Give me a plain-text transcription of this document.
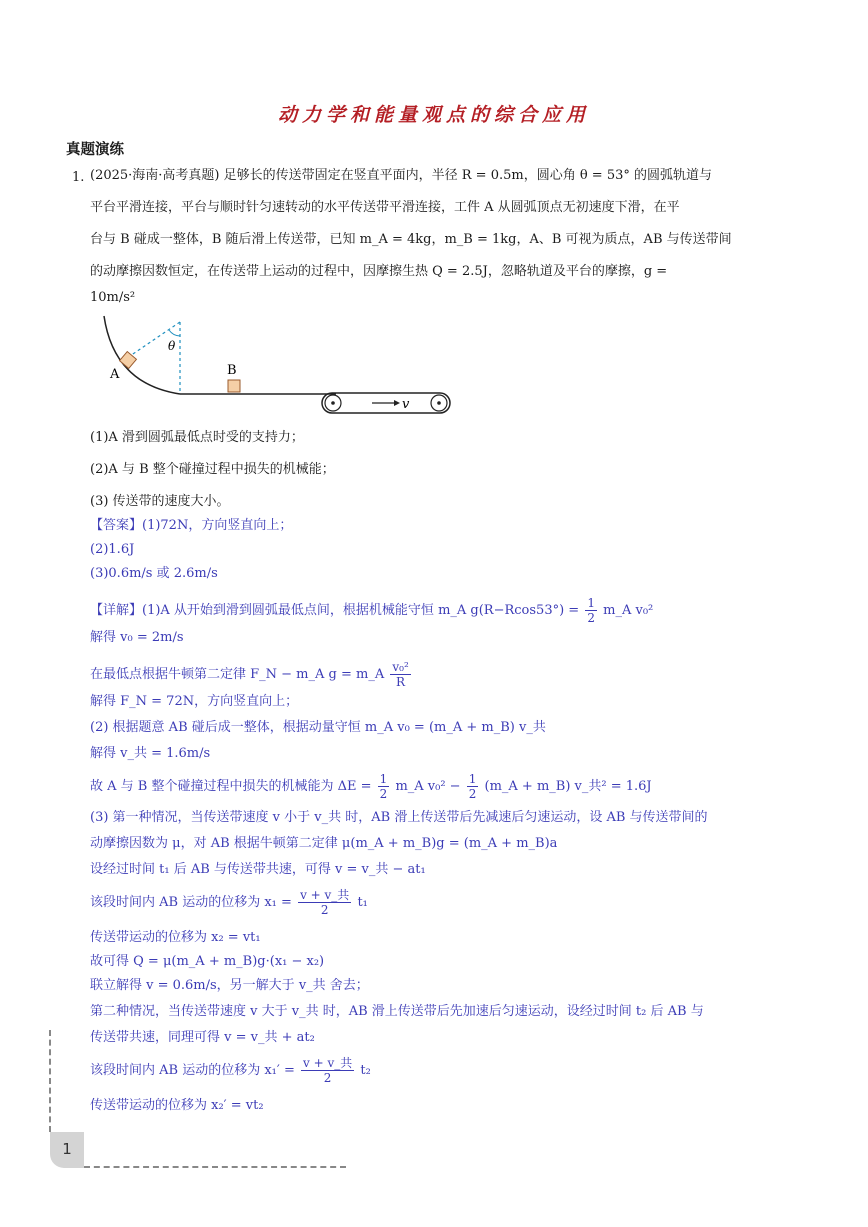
动力学和能量观点的综合应用
真题演练
1. (2025·海南·高考真题) 足够长的传送带固定在竖直平面内，半径 R = 0.5m，圆心角 θ = 53° 的圆弧轨道与
平台平滑连接，平台与顺时针匀速转动的水平传送带平滑连接，工件 A 从圆弧顶点无初速度下滑，在平
台与 B 碰成一整体，B 随后滑上传送带，已知 m_A = 4kg，m_B = 1kg，A、B 可视为质点，AB 与传送带间
的动摩擦因数恒定，在传送带上运动的过程中，因摩擦生热 Q = 2.5J，忽略轨道及平台的摩擦，g =
10m/s²
A
θ
B
v
(1)A 滑到圆弧最低点时受的支持力；
(2)A 与 B 整个碰撞过程中损失的机械能；
(3) 传送带的速度大小。
【答案】(1)72N，方向竖直向上；
(2)1.6J
(3)0.6m/s 或 2.6m/s
【详解】(1)A 从开始到滑到圆弧最低点间，根据机械能守恒 m_A $g(R-Rcos53^\circ) = \frac{1}{2}$ m_A v₀²
解得 v₀ = 2m/s
在最低点根据牛顿第二定律 F_N − m_A g = m_A $\frac{\text{v₀²}}{R}$
解得 F_N = 72N，方向竖直向上；
(2) 根据题意 AB 碰后成一整体，根据动量守恒 m_A v₀ = (m_A + m_B) v_共
解得 v_共 = 1.6m/s
故 A 与 B 整个碰撞过程中损失的机械能为 $\Delta E = \frac{1}{2}$ m_A $v_0^2 - \frac{1}{2}$ (m_A + m_B) v_共² = 1.6J
(3) 第一种情况，当传送带速度 v 小于 v_共 时，AB 滑上传送带后先减速后匀速运动，设 AB 与传送带间的
动摩擦因数为 μ，对 AB 根据牛顿第二定律 μ(m_A + m_B)g = (m_A + m_B)a
设经过时间 t₁ 后 AB 与传送带共速，可得 v = v_共 − at₁
该段时间内 AB 运动的位移为 $x_1 = \frac{\text{v + v\_共}}{2} t_1$
传送带运动的位移为 x₂ = vt₁
故可得 Q = μ(m_A + m_B)g·(x₁ − x₂)
联立解得 v = 0.6m/s，另一解大于 v_共 舍去；
第二种情况，当传送带速度 v 大于 v_共 时，AB 滑上传送带后先加速后匀速运动，设经过时间 t₂ 后 AB 与
传送带共速，同理可得 v = v_共 + at₂
该段时间内 AB 运动的位移为 $x_1' = \frac{\text{v + v\_共}}{2} t_2$
传送带运动的位移为 x₂′ = vt₂
1
